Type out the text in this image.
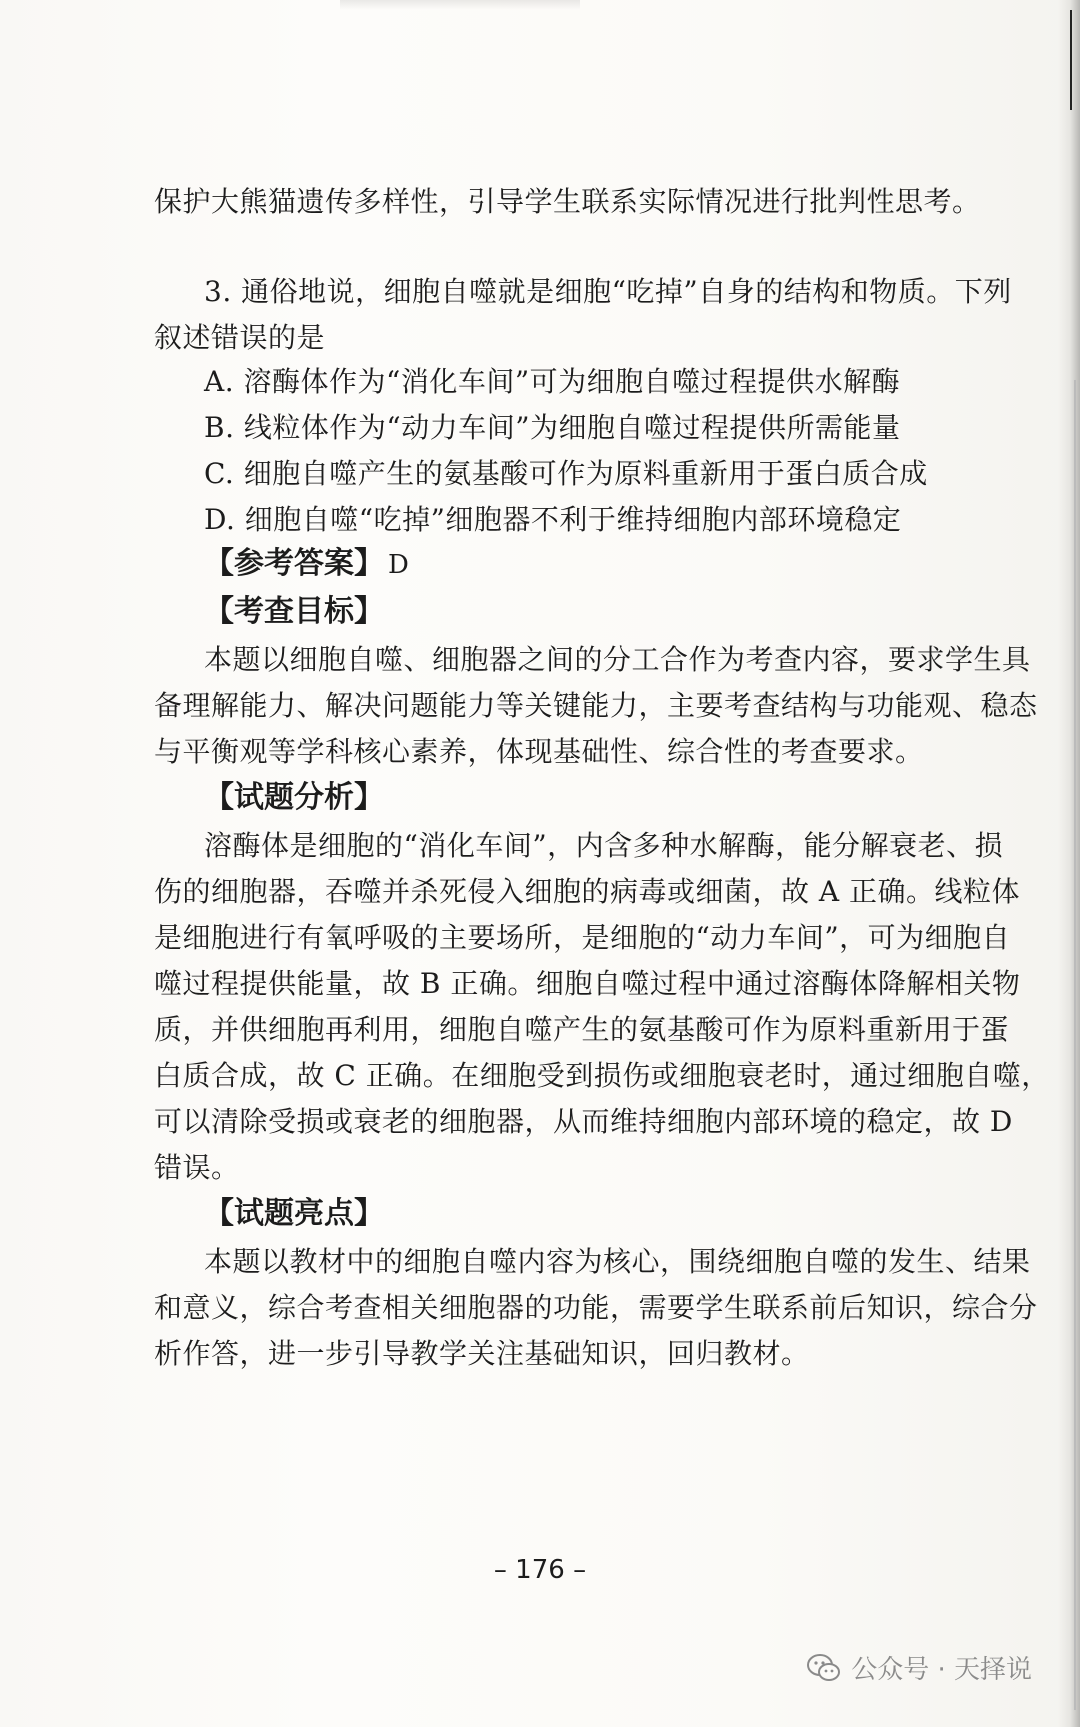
保护大熊猫遗传多样性，引导学生联系实际情况进行批判性思考。
3. 通俗地说，细胞自噬就是细胞“吃掉”自身的结构和物质。下列
叙述错误的是
A. 溶酶体作为“消化车间”可为细胞自噬过程提供水解酶
B. 线粒体作为“动力车间”为细胞自噬过程提供所需能量
C. 细胞自噬产生的氨基酸可作为原料重新用于蛋白质合成
D. 细胞自噬“吃掉”细胞器不利于维持细胞内部环境稳定
【参考答案】 D
【考查目标】
本题以细胞自噬、细胞器之间的分工合作为考查内容，要求学生具
备理解能力、解决问题能力等关键能力，主要考查结构与功能观、稳态
与平衡观等学科核心素养，体现基础性、综合性的考查要求。
【试题分析】
溶酶体是细胞的“消化车间”，内含多种水解酶，能分解衰老、损
伤的细胞器，吞噬并杀死侵入细胞的病毒或细菌，故 A 正确。线粒体
是细胞进行有氧呼吸的主要场所，是细胞的“动力车间”，可为细胞自
噬过程提供能量，故 B 正确。细胞自噬过程中通过溶酶体降解相关物
质，并供细胞再利用，细胞自噬产生的氨基酸可作为原料重新用于蛋
白质合成，故 C 正确。在细胞受到损伤或细胞衰老时，通过细胞自噬，
可以清除受损或衰老的细胞器，从而维持细胞内部环境的稳定，故 D
错误。
【试题亮点】
本题以教材中的细胞自噬内容为核心，围绕细胞自噬的发生、结果
和意义，综合考查相关细胞器的功能，需要学生联系前后知识，综合分
析作答，进一步引导教学关注基础知识，回归教材。
– 176 –
公众号 · 天择说
